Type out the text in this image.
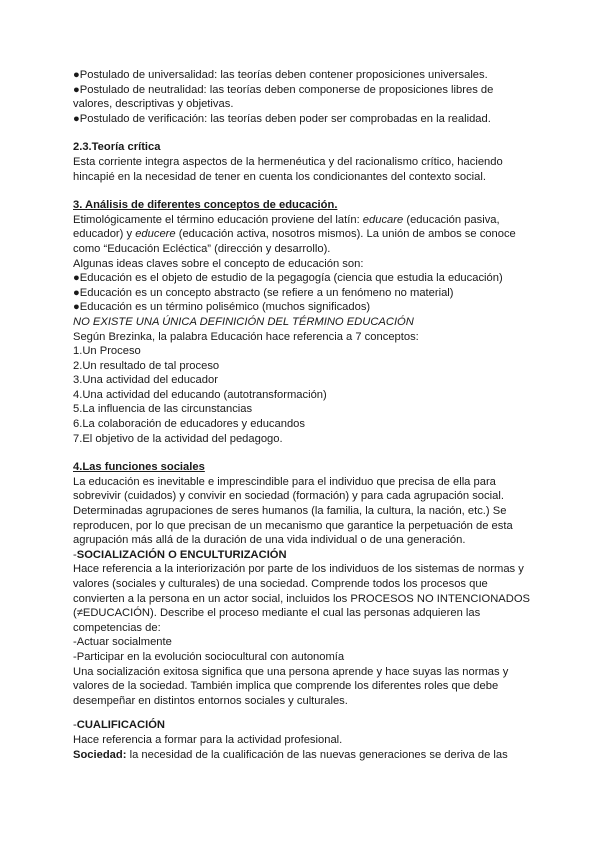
●Postulado de universalidad: las teorías deben contener proposiciones universales.

●Postulado de neutralidad: las teorías deben componerse de proposiciones libres de valores, descriptivas y objetivas.

●Postulado de verificación: las teorías deben poder ser comprobadas en la realidad.

2.3.Teoría crítica

Esta corriente integra aspectos de la hermenéutica y del racionalismo crítico, haciendo hincapié en la necesidad de tener en cuenta los condicionantes del contexto social.

3. Análisis de diferentes conceptos de educación.

Etimológicamente el término educación proviene del latín: educare (educación pasiva, educador) y educere (educación activa, nosotros mismos). La unión de ambos se conoce como “Educación Ecléctica” (dirección y desarrollo).

Algunas ideas claves sobre el concepto de educación son:

●Educación es el objeto de estudio de la pegagogía (ciencia que estudia la educación)

●Educación es un concepto abstracto (se refiere a un fenómeno no material)

●Educación es un término polisémico (muchos significados)

NO EXISTE UNA ÚNICA DEFINICIÓN DEL TÉRMINO EDUCACIÓN

Según Brezinka, la palabra Educación hace referencia a 7 conceptos:

1.Un Proceso

2.Un resultado de tal proceso

3.Una actividad del educador

4.Una actividad del educando (autotransformación)

5.La influencia de las circunstancias

6.La colaboración de educadores y educandos

7.El objetivo de la actividad del pedagogo.

4.Las funciones sociales

La educación es inevitable e imprescindible para el individuo que precisa de ella para sobrevivir (cuidados) y convivir en sociedad (formación) y para cada agrupación social. Determinadas agrupaciones de seres humanos (la familia, la cultura, la nación, etc.) Se reproducen, por lo que precisan de un mecanismo que garantice la perpetuación de esta agrupación más allá de la duración de una vida individual o de una generación.

-SOCIALIZACIÓN O ENCULTURIZACIÓN

Hace referencia a la interiorización por parte de los individuos de los sistemas de normas y valores (sociales y culturales) de una sociedad. Comprende todos los procesos que convierten a la persona en un actor social, incluidos los PROCESOS NO INTENCIONADOS (≠EDUCACIÓN). Describe el proceso mediante el cual las personas adquieren las competencias de:

-Actuar socialmente

-Participar en la evolución sociocultural con autonomía

Una socialización exitosa significa que una persona aprende y hace suyas las normas y valores de la sociedad. También implica que comprende los diferentes roles que debe desempeñar en distintos entornos sociales y culturales.

-CUALIFICACIÓN

Hace referencia a formar para la actividad profesional.

Sociedad: la necesidad de la cualificación de las nuevas generaciones se deriva de las
